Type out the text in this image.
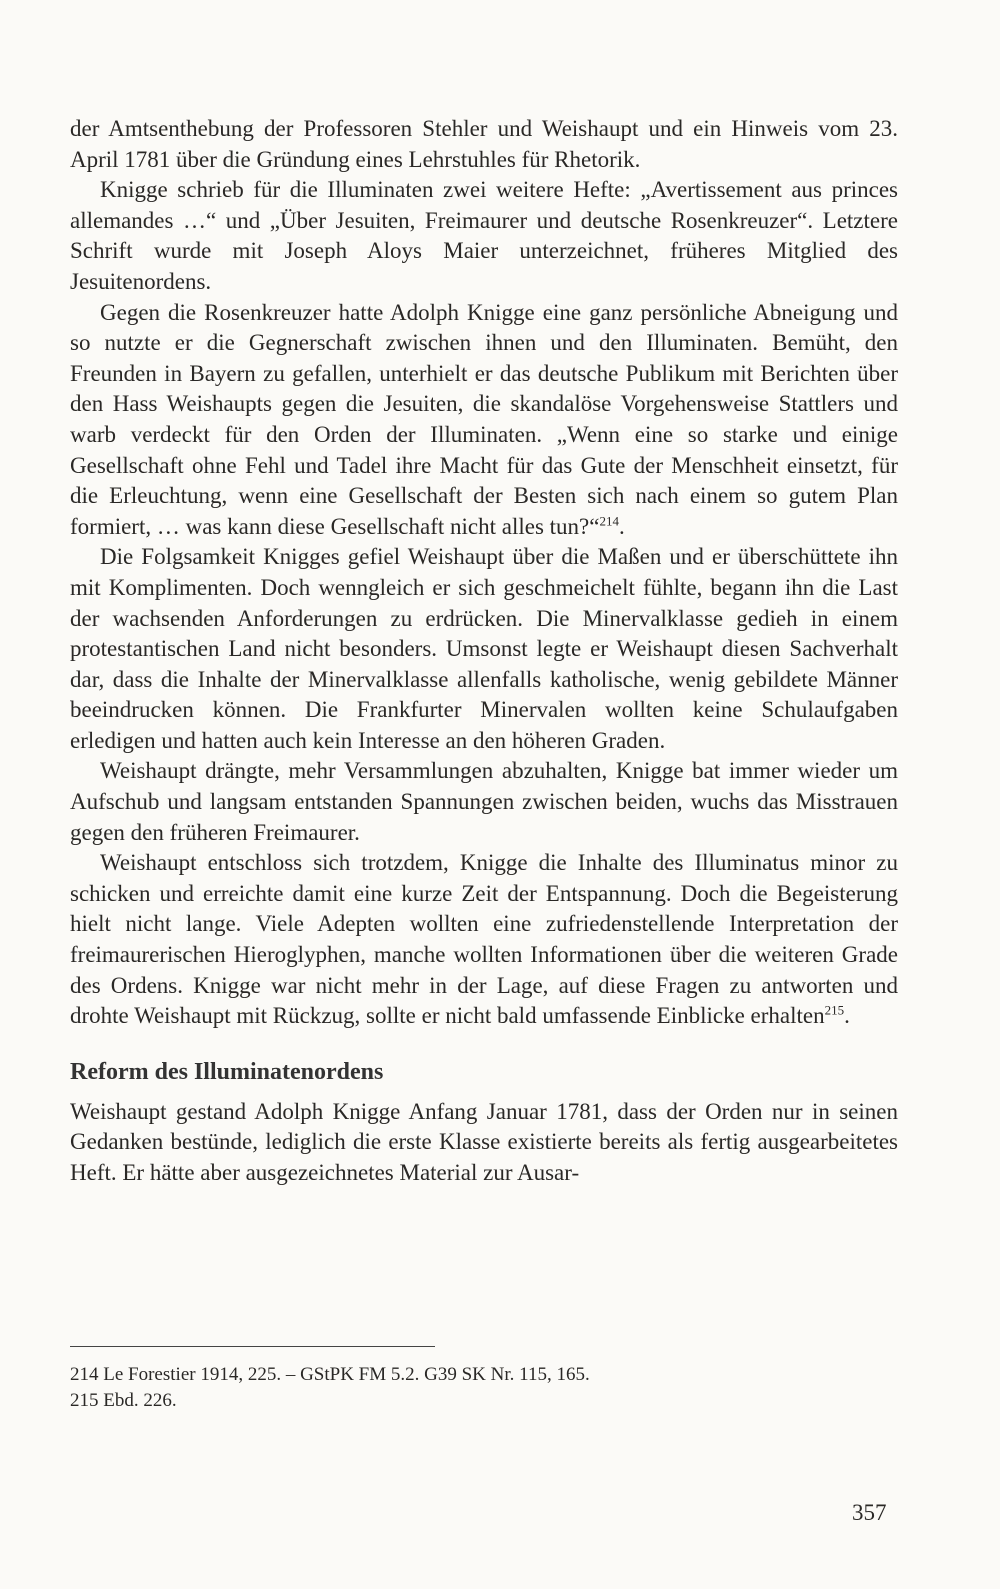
der Amtsenthebung der Professoren Stehler und Weishaupt und ein Hinweis vom 23. April 1781 über die Gründung eines Lehrstuhles für Rhetorik.

Knigge schrieb für die Illuminaten zwei weitere Hefte: „Avertissement aus princes allemandes …“ und „Über Jesuiten, Freimaurer und deutsche Rosenkreuzer“. Letztere Schrift wurde mit Joseph Aloys Maier unterzeichnet, früheres Mitglied des Jesuitenordens.

Gegen die Rosenkreuzer hatte Adolph Knigge eine ganz persönliche Abneigung und so nutzte er die Gegnerschaft zwischen ihnen und den Illuminaten. Bemüht, den Freunden in Bayern zu gefallen, unterhielt er das deutsche Publikum mit Berichten über den Hass Weishaupts gegen die Jesuiten, die skandalöse Vorgehensweise Stattlers und warb verdeckt für den Orden der Illuminaten. „Wenn eine so starke und einige Gesellschaft ohne Fehl und Tadel ihre Macht für das Gute der Menschheit einsetzt, für die Erleuchtung, wenn eine Gesellschaft der Besten sich nach einem so gutem Plan formiert, … was kann diese Gesellschaft nicht alles tun?“$^{214}$.

Die Folgsamkeit Knigges gefiel Weishaupt über die Maßen und er überschüttete ihn mit Komplimenten. Doch wenngleich er sich geschmeichelt fühlte, begann ihn die Last der wachsenden Anforderungen zu erdrücken. Die Minervalklasse gedieh in einem protestantischen Land nicht besonders. Umsonst legte er Weishaupt diesen Sachverhalt dar, dass die Inhalte der Minervalklasse allenfalls katholische, wenig gebildete Männer beeindrucken können. Die Frankfurter Minervalen wollten keine Schulaufgaben erledigen und hatten auch kein Interesse an den höheren Graden.

Weishaupt drängte, mehr Versammlungen abzuhalten, Knigge bat immer wieder um Aufschub und langsam entstanden Spannungen zwischen beiden, wuchs das Misstrauen gegen den früheren Freimaurer.

Weishaupt entschloss sich trotzdem, Knigge die Inhalte des Illuminatus minor zu schicken und erreichte damit eine kurze Zeit der Entspannung. Doch die Begeisterung hielt nicht lange. Viele Adepten wollten eine zufriedenstellende Interpretation der freimaurerischen Hieroglyphen, manche wollten Informationen über die weiteren Grade des Ordens. Knigge war nicht mehr in der Lage, auf diese Fragen zu antworten und drohte Weishaupt mit Rückzug, sollte er nicht bald umfassende Einblicke erhalten$^{215}$.

Reform des Illuminatenordens

Weishaupt gestand Adolph Knigge Anfang Januar 1781, dass der Orden nur in seinen Gedanken bestünde, lediglich die erste Klasse existierte bereits als fertig ausgearbeitetes Heft. Er hätte aber ausgezeichnetes Material zur Ausar-

214 Le Forestier 1914, 225. – GStPK FM 5.2. G39 SK Nr. 115, 165.
215 Ebd. 226.
357
